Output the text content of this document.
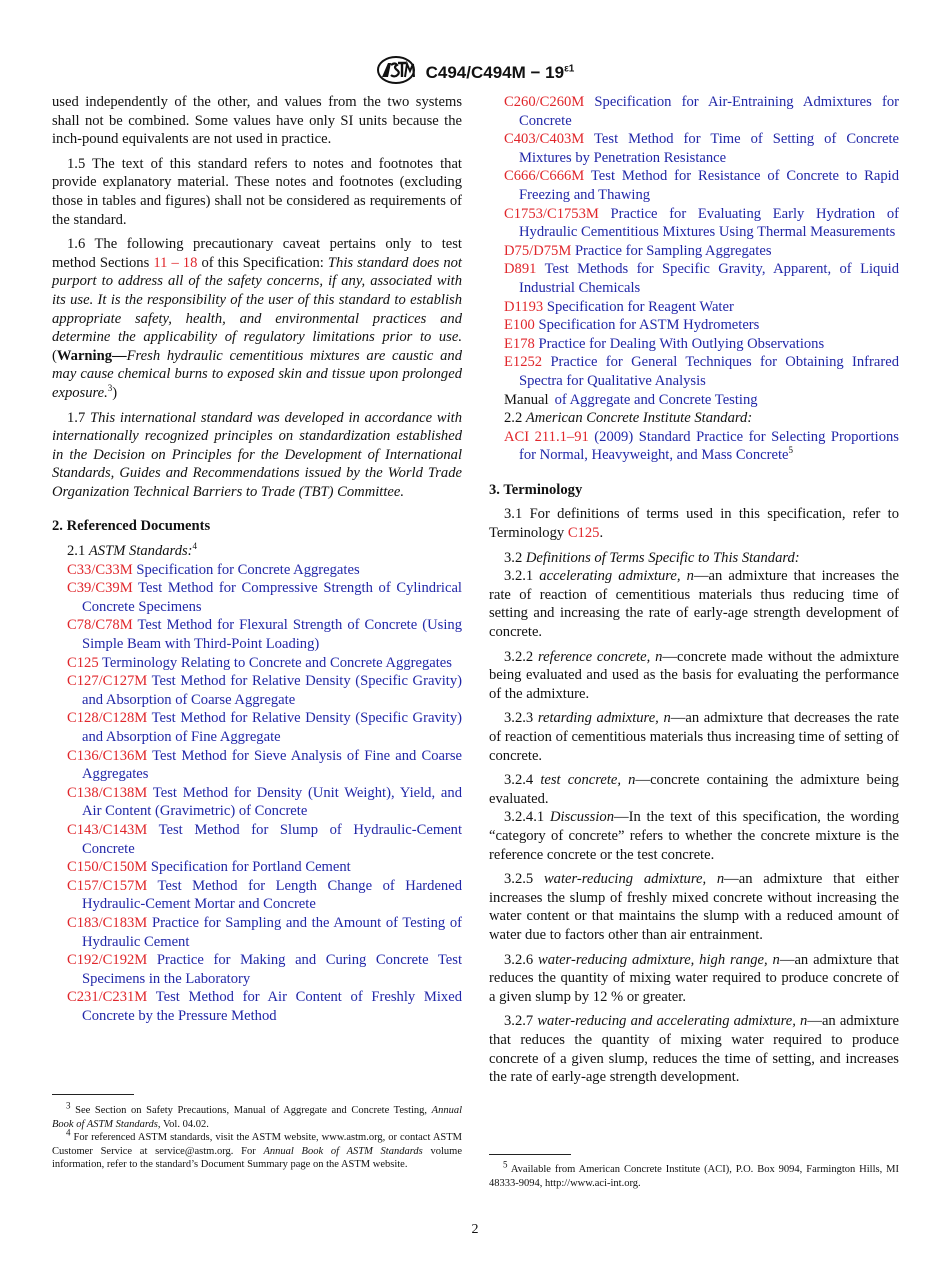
$C494/C494M - 19^{\varepsilon 1}$

used independently of the other, and values from the two systems shall not be combined. Some values have only SI units because the inch-pound equivalents are not used in practice.

1.5 The text of this standard refers to notes and footnotes that provide explanatory material. These notes and footnotes (excluding those in tables and figures) shall not be considered as requirements of the standard.

1.6 The following precautionary caveat pertains only to test method Sections 11 – 18 of this Specification: This standard does not purport to address all of the safety concerns, if any, associated with its use. It is the responsibility of the user of this standard to establish appropriate safety, health, and environmental practices and determine the applicability of regulatory limitations prior to use. (Warning—Fresh hydraulic cementitious mixtures are caustic and may cause chemical burns to exposed skin and tissue upon prolonged exposure.$^3$)

1.7 This international standard was developed in accordance with internationally recognized principles on standardization established in the Decision on Principles for the Development of International Standards, Guides and Recommendations issued by the World Trade Organization Technical Barriers to Trade (TBT) Committee.

2. Referenced Documents

2.1 ASTM Standards:$^4$

C33/C33M Specification for Concrete Aggregates

C39/C39M Test Method for Compressive Strength of Cylindrical Concrete Specimens

C78/C78M Test Method for Flexural Strength of Concrete (Using Simple Beam with Third-Point Loading)

C125 Terminology Relating to Concrete and Concrete Aggregates

C127/C127M Test Method for Relative Density (Specific Gravity) and Absorption of Coarse Aggregate

C128/C128M Test Method for Relative Density (Specific Gravity) and Absorption of Fine Aggregate

C136/C136M Test Method for Sieve Analysis of Fine and Coarse Aggregates

C138/C138M Test Method for Density (Unit Weight), Yield, and Air Content (Gravimetric) of Concrete

C143/C143M Test Method for Slump of Hydraulic-Cement Concrete

C150/C150M Specification for Portland Cement

C157/C157M Test Method for Length Change of Hardened Hydraulic-Cement Mortar and Concrete

C183/C183M Practice for Sampling and the Amount of Testing of Hydraulic Cement

C192/C192M Practice for Making and Curing Concrete Test Specimens in the Laboratory

C231/C231M Test Method for Air Content of Freshly Mixed Concrete by the Pressure Method

$^3$ See Section on Safety Precautions, Manual of Aggregate and Concrete Testing, Annual Book of ASTM Standards, Vol. 04.02.

$^4$ For referenced ASTM standards, visit the ASTM website, www.astm.org, or contact ASTM Customer Service at service@astm.org. For Annual Book of ASTM Standards volume information, refer to the standard’s Document Summary page on the ASTM website.

C260/C260M Specification for Air-Entraining Admixtures for Concrete

C403/C403M Test Method for Time of Setting of Concrete Mixtures by Penetration Resistance

C666/C666M Test Method for Resistance of Concrete to Rapid Freezing and Thawing

C1753/C1753M Practice for Evaluating Early Hydration of Hydraulic Cementitious Mixtures Using Thermal Measurements

D75/D75M Practice for Sampling Aggregates

D891 Test Methods for Specific Gravity, Apparent, of Liquid Industrial Chemicals

D1193 Specification for Reagent Water

E100 Specification for ASTM Hydrometers

E178 Practice for Dealing With Outlying Observations

E1252 Practice for General Techniques for Obtaining Infrared Spectra for Qualitative Analysis

Manual of Aggregate and Concrete Testing

2.2 American Concrete Institute Standard:

ACI 211.1–91 (2009) Standard Practice for Selecting Proportions for Normal, Heavyweight, and Mass Concrete$^5$

3. Terminology

3.1 For definitions of terms used in this specification, refer to Terminology C125.

3.2 Definitions of Terms Specific to This Standard:

3.2.1 accelerating admixture, n—an admixture that increases the rate of reaction of cementitious materials thus reducing time of setting and increasing the rate of early-age strength development of concrete.

3.2.2 reference concrete, n—concrete made without the admixture being evaluated and used as the basis for evaluating the performance of the admixture.

3.2.3 retarding admixture, n—an admixture that decreases the rate of reaction of cementitious materials thus increasing time of setting of concrete.

3.2.4 test concrete, n—concrete containing the admixture being evaluated.

3.2.4.1 Discussion—In the text of this specification, the wording “category of concrete” refers to whether the concrete mixture is the reference concrete or the test concrete.

3.2.5 water-reducing admixture, n—an admixture that either increases the slump of freshly mixed concrete without increasing the water content or that maintains the slump with a reduced amount of water due to factors other than air entrainment.

3.2.6 water-reducing admixture, high range, n—an admixture that reduces the quantity of mixing water required to produce concrete of a given slump by 12 % or greater.

3.2.7 water-reducing and accelerating admixture, n—an admixture that reduces the quantity of mixing water required to produce concrete of a given slump, reduces the time of setting, and increases the rate of early-age strength development.

$^5$ Available from American Concrete Institute (ACI), P.O. Box 9094, Farmington Hills, MI 48333-9094, http://www.aci-int.org.

2
